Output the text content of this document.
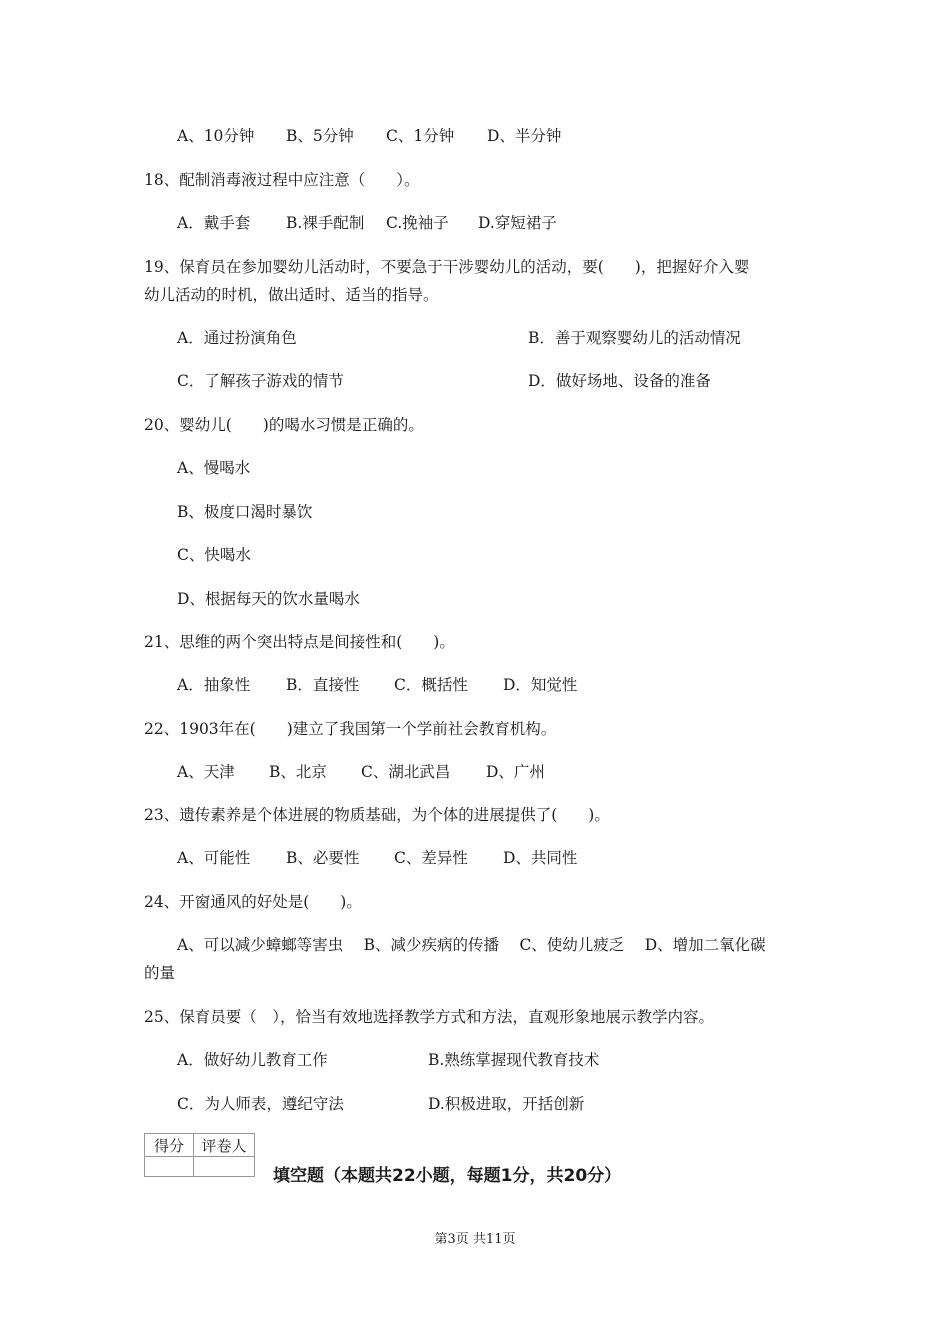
A、10分钟 B、5分钟 C、1分钟 D、半分钟
18、配制消毒液过程中应注意（　　）。
A．戴手套 B.裸手配制 C.挽袖子 D.穿短裙子
19、保育员在参加婴幼儿活动时，不要急于干涉婴幼儿的活动，要(　　)，把握好介入婴
幼儿活动的时机，做出适时、适当的指导。
A．通过扮演角色	B．善于观察婴幼儿的活动情况
C．了解孩子游戏的情节	D．做好场地、设备的准备
20、婴幼儿(　　)的喝水习惯是正确的。
A、慢喝水
B、极度口渴时暴饮
C、快喝水
D、根据每天的饮水量喝水
21、思维的两个突出特点是间接性和(　　)。
A．抽象性 B．直接性 C．概括性 D．知觉性
22、1903年在(　　)建立了我国第一个学前社会教育机构。
A、天津 B、北京 C、湖北武昌 D、广州
23、遗传素养是个体进展的物质基础，为个体的进展提供了(　　)。
A、可能性 B、必要性 C、差异性 D、共同性
24、开窗通风的好处是(　　)。
A、可以减少蟑螂等害虫　 B、减少疾病的传播　 C、使幼儿疲乏　 D、增加二氧化碳
的量
25、保育员要（　），恰当有效地选择教学方式和方法，直观形象地展示教学内容。
A．做好幼儿教育工作	B.熟练掌握现代教育技术
C．为人师表，遵纪守法	D.积极进取，开括创新
得分	评卷人

填空题（本题共22小题，每题1分，共20分）
第3页 共11页
